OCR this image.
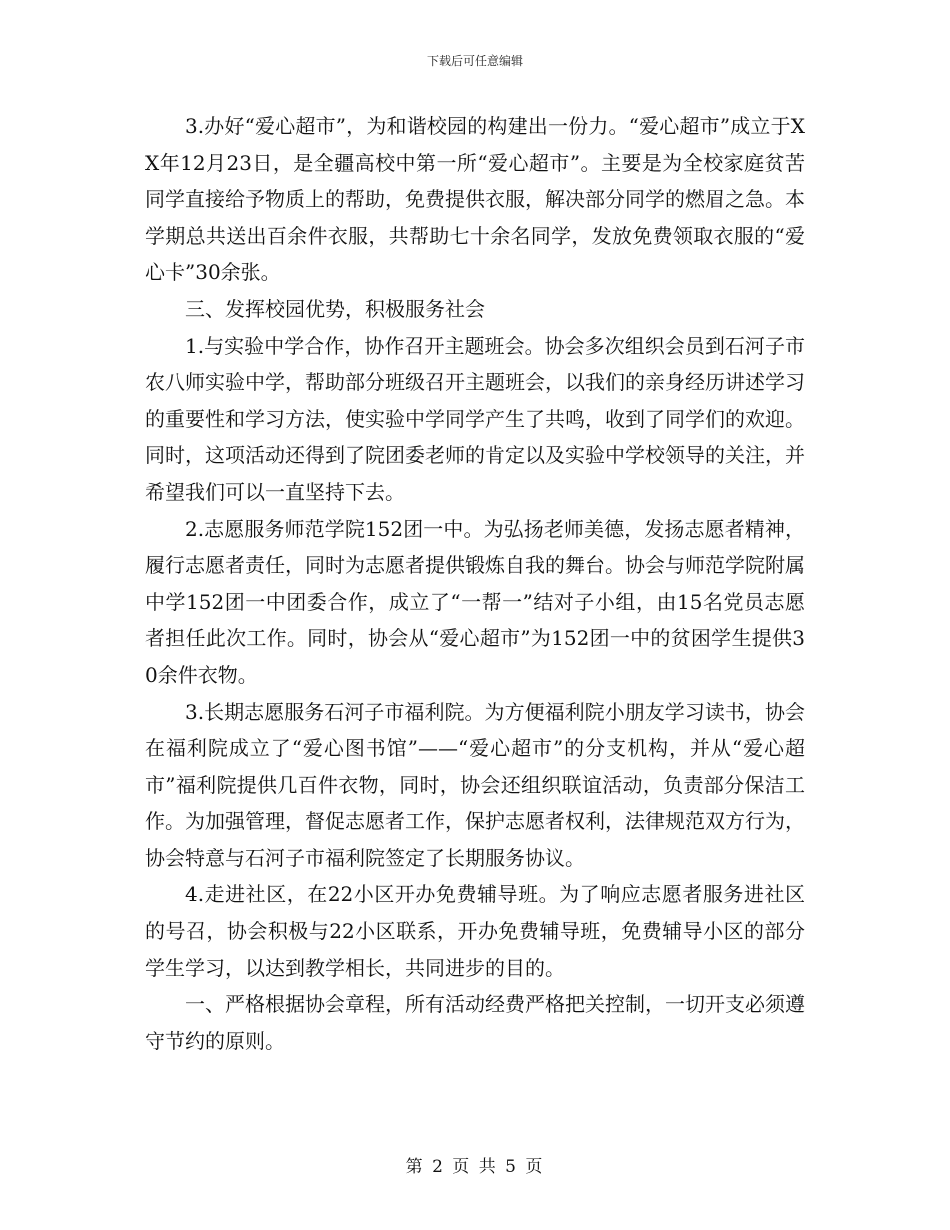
下载后可任意编辑

3.办好“爱心超市”，为和谐校园的构建出一份力。“爱心超市”成立于XX年12月23日，是全疆高校中第一所“爱心超市”。主要是为全校家庭贫苦同学直接给予物质上的帮助，免费提供衣服，解决部分同学的燃眉之急。本学期总共送出百余件衣服，共帮助七十余名同学，发放免费领取衣服的“爱心卡”30余张。

三、发挥校园优势，积极服务社会

1.与实验中学合作，协作召开主题班会。协会多次组织会员到石河子市农八师实验中学，帮助部分班级召开主题班会，以我们的亲身经历讲述学习的重要性和学习方法，使实验中学同学产生了共鸣，收到了同学们的欢迎。同时，这项活动还得到了院团委老师的肯定以及实验中学校领导的关注，并希望我们可以一直坚持下去。

2.志愿服务师范学院152团一中。为弘扬老师美德，发扬志愿者精神，履行志愿者责任，同时为志愿者提供锻炼自我的舞台。协会与师范学院附属中学152团一中团委合作，成立了“一帮一”结对子小组，由15名党员志愿者担任此次工作。同时，协会从“爱心超市”为152团一中的贫困学生提供30余件衣物。

3.长期志愿服务石河子市福利院。为方便福利院小朋友学习读书，协会在福利院成立了“爱心图书馆”——“爱心超市”的分支机构，并从“爱心超市”福利院提供几百件衣物，同时，协会还组织联谊活动，负责部分保洁工作。为加强管理，督促志愿者工作，保护志愿者权利，法律规范双方行为，协会特意与石河子市福利院签定了长期服务协议。

4.走进社区，在22小区开办免费辅导班。为了响应志愿者服务进社区的号召，协会积极与22小区联系，开办免费辅导班，免费辅导小区的部分学生学习，以达到教学相长，共同进步的目的。

一、严格根据协会章程，所有活动经费严格把关控制，一切开支必须遵守节约的原则。

第 2 页 共 5 页
